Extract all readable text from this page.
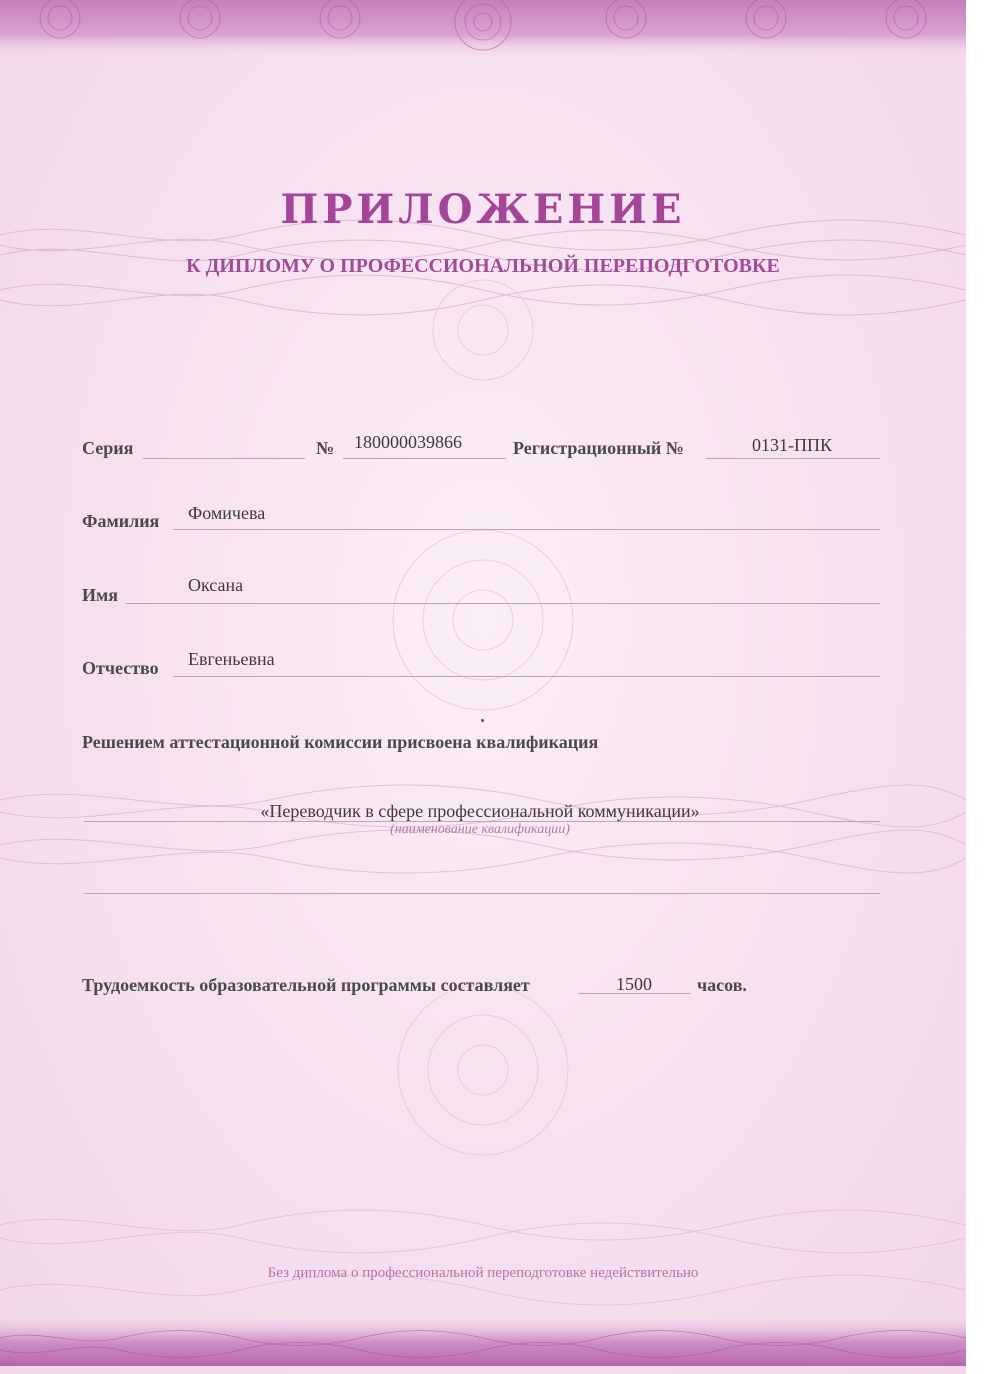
ПРИЛОЖЕНИЕ
К ДИПЛОМУ О ПРОФЕССИОНАЛЬНОЙ ПЕРЕПОДГОТОВКЕ
Серия	№ 180000039866	Регистрационный №	0131-ППК
Фамилия Фомичева
Имя	Оксана
Отчество Евгеньевна
Решением аттестационной комиссии присвоена квалификация
«Переводчик в сфере профессиональной коммуникации»
(наименование квалификации)
Трудоемкость образовательной программы составляет	1500	часов.
Без диплома о профессиональной переподготовке недействительно
